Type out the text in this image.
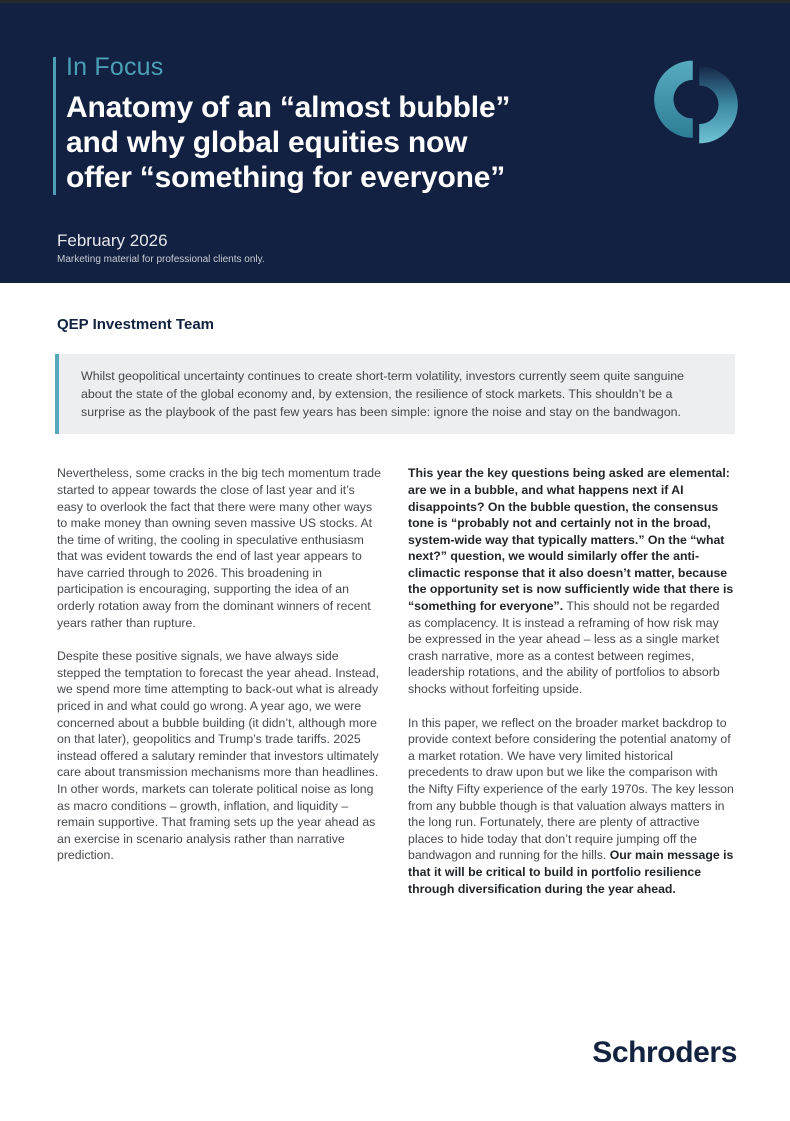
In Focus
Anatomy of an “almost bubble”
and why global equities now
offer “something for everyone”
February 2026
Marketing material for professional clients only.
QEP Investment Team
Whilst geopolitical uncertainty continues to create short-term volatility, investors currently seem quite sanguine about the state of the global economy and, by extension, the resilience of stock markets. This shouldn’t be a surprise as the playbook of the past few years has been simple: ignore the noise and stay on the bandwagon.

Nevertheless, some cracks in the big tech momentum trade started to appear towards the close of last year and it’s easy to overlook the fact that there were many other ways to make money than owning seven massive US stocks. At the time of writing, the cooling in speculative enthusiasm that was evident towards the end of last year appears to have carried through to 2026. This broadening in participation is encouraging, supporting the idea of an orderly rotation away from the dominant winners of recent years rather than rupture.

Despite these positive signals, we have always side stepped the temptation to forecast the year ahead. Instead, we spend more time attempting to back-out what is already priced in and what could go wrong. A year ago, we were concerned about a bubble building (it didn’t, although more on that later), geopolitics and Trump’s trade tariffs. 2025 instead offered a salutary reminder that investors ultimately care about transmission mechanisms more than headlines. In other words, markets can tolerate political noise as long as macro conditions – growth, inflation, and liquidity – remain supportive. That framing sets up the year ahead as an exercise in scenario analysis rather than narrative prediction.

This year the key questions being asked are elemental: are we in a bubble, and what happens next if AI disappoints? On the bubble question, the consensus tone is “probably not and certainly not in the broad, system-wide way that typically matters.” On the “what next?” question, we would similarly offer the anti-climactic response that it also doesn’t matter, because the opportunity set is now sufficiently wide that there is “something for everyone”. This should not be regarded as complacency. It is instead a reframing of how risk may be expressed in the year ahead – less as a single market crash narrative, more as a contest between regimes, leadership rotations, and the ability of portfolios to absorb shocks without forfeiting upside.

In this paper, we reflect on the broader market backdrop to provide context before considering the potential anatomy of a market rotation. We have very limited historical precedents to draw upon but we like the comparison with the Nifty Fifty experience of the early 1970s. The key lesson from any bubble though is that valuation always matters in the long run. Fortunately, there are plenty of attractive places to hide today that don’t require jumping off the bandwagon and running for the hills. Our main message is that it will be critical to build in portfolio resilience through diversification during the year ahead.

Schroders
